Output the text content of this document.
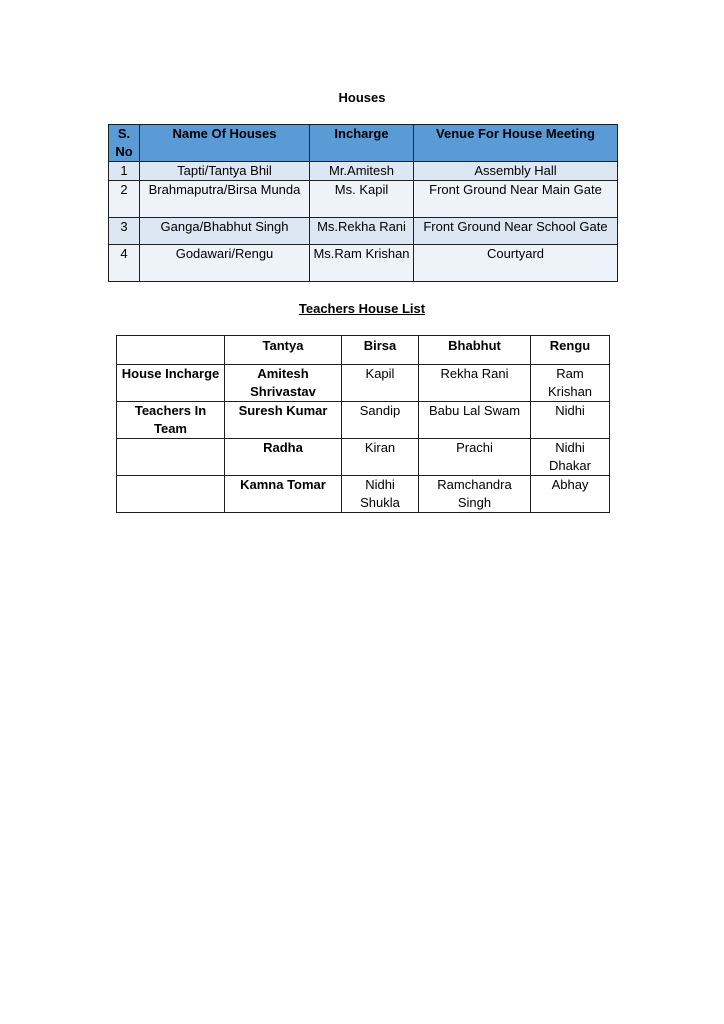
Houses
S. No	Name Of Houses	Incharge	Venue For House Meeting
1	Tapti/Tantya Bhil	Mr.Amitesh	Assembly Hall
2	Brahmaputra/Birsa Munda	Ms. Kapil	Front Ground Near Main Gate
3	Ganga/Bhabhut Singh	Ms.Rekha Rani	Front Ground Near School Gate
4	Godawari/Rengu	Ms.Ram Krishan	Courtyard
Teachers House List
	Tantya	Birsa	Bhabhut	Rengu
House Incharge	Amitesh Shrivastav	Kapil	Rekha Rani	Ram Krishan
Teachers In Team	Suresh Kumar	Sandip	Babu Lal Swam	Nidhi
	Radha	Kiran	Prachi	Nidhi Dhakar
	Kamna Tomar	Nidhi Shukla	Ramchandra Singh	Abhay
